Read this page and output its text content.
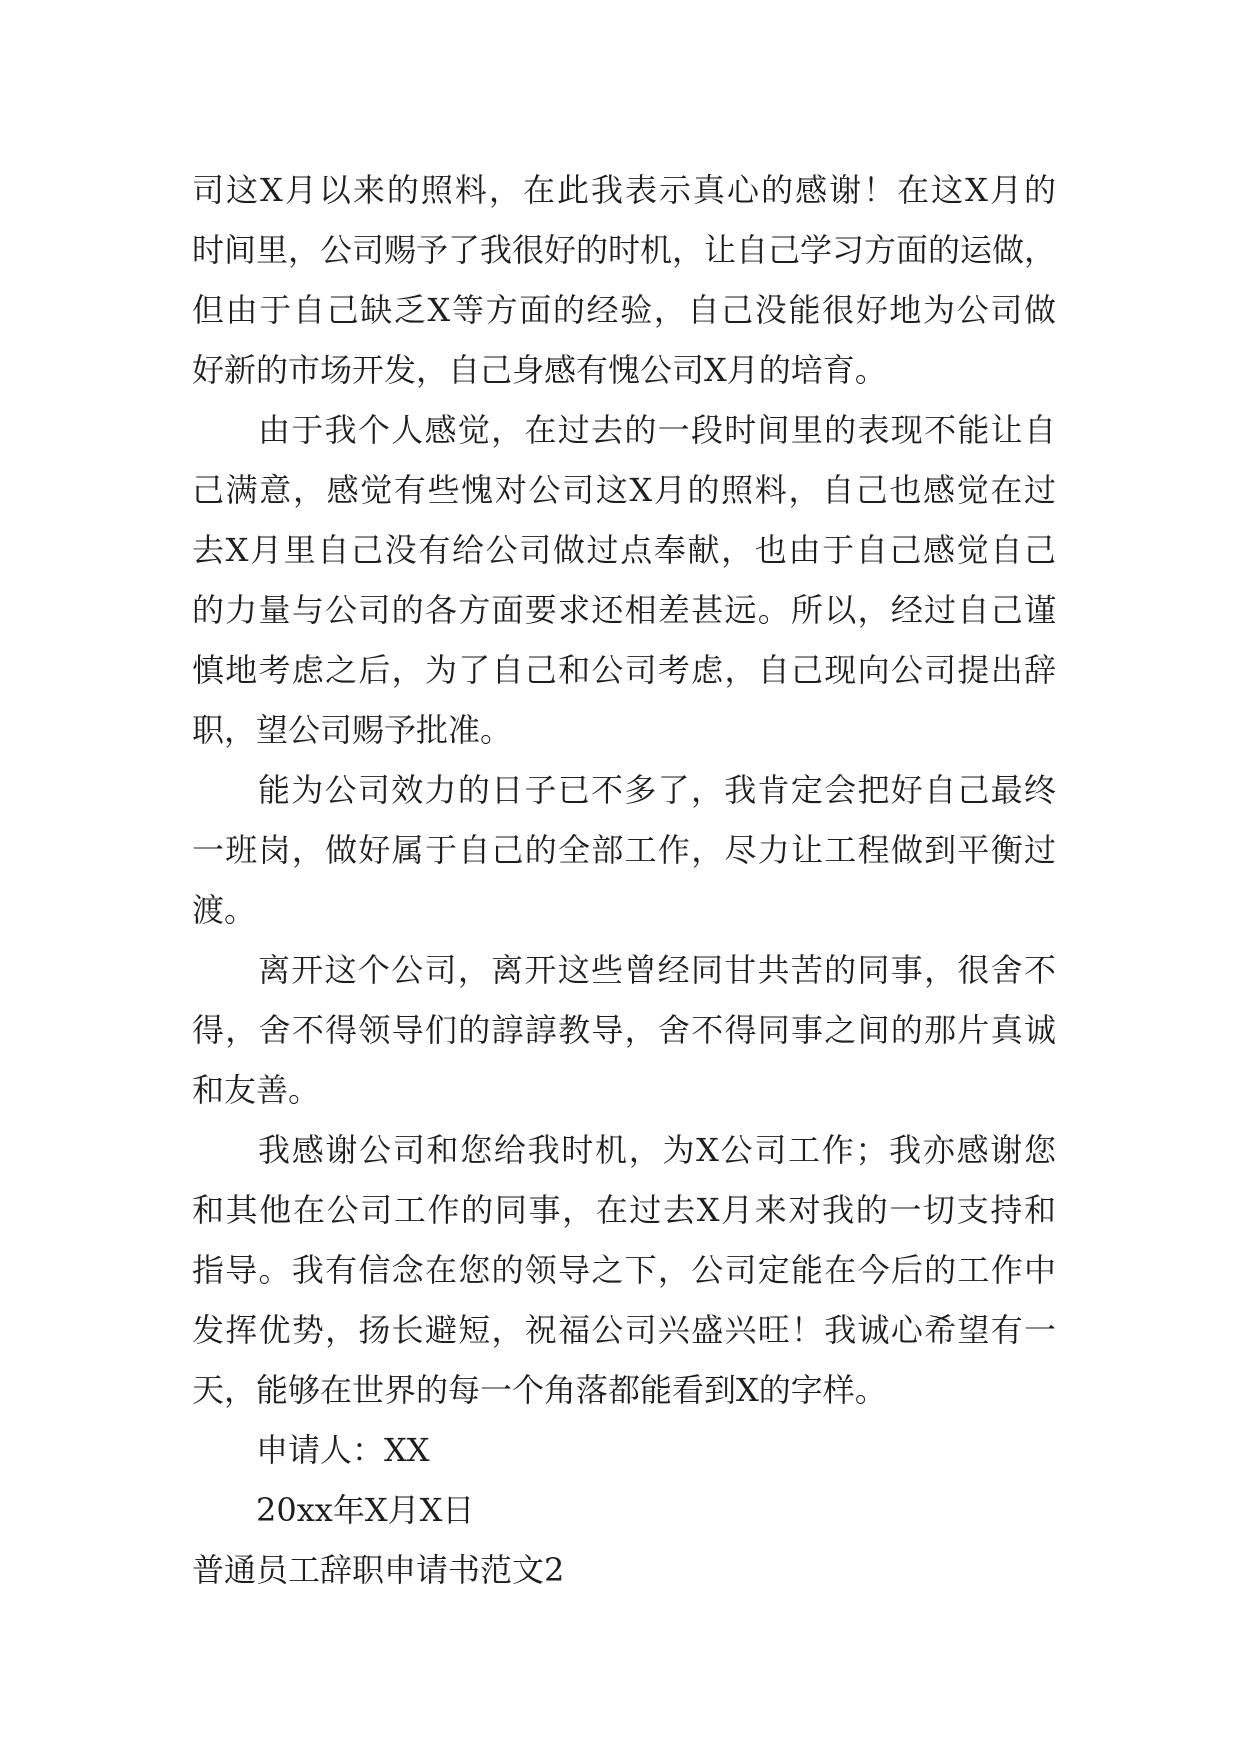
司这X月以来的照料，在此我表示真心的感谢！在这X月的
时间里，公司赐予了我很好的时机，让自己学习方面的运做，
但由于自己缺乏X等方面的经验，自己没能很好地为公司做
好新的市场开发，自己身感有愧公司X月的培育。
由于我个人感觉，在过去的一段时间里的表现不能让自
己满意，感觉有些愧对公司这X月的照料，自己也感觉在过
去X月里自己没有给公司做过点奉献，也由于自己感觉自己
的力量与公司的各方面要求还相差甚远。所以，经过自己谨
慎地考虑之后，为了自己和公司考虑，自己现向公司提出辞
职，望公司赐予批准。
能为公司效力的日子已不多了，我肯定会把好自己最终
一班岗，做好属于自己的全部工作，尽力让工程做到平衡过
渡。
离开这个公司，离开这些曾经同甘共苦的同事，很舍不
得，舍不得领导们的諄諄教导，舍不得同事之间的那片真诚
和友善。
我感谢公司和您给我时机，为X公司工作；我亦感谢您
和其他在公司工作的同事，在过去X月来对我的一切支持和
指导。我有信念在您的领导之下，公司定能在今后的工作中
发挥优势，扬长避短，祝福公司兴盛兴旺！我诚心希望有一
天，能够在世界的每一个角落都能看到X的字样。
申请人：XX
20xx年X月X日
普通员工辞职申请书范文2
